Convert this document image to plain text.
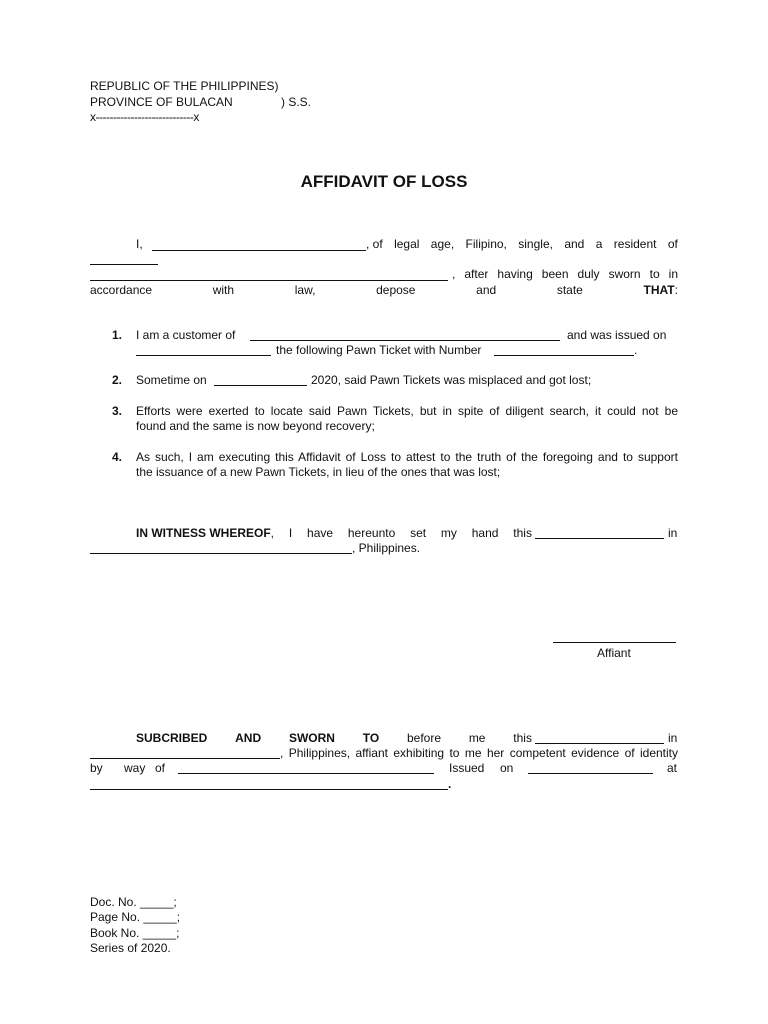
REPUBLIC OF THE PHILIPPINES)
PROVINCE OF BULACAN	) S.S.
x----------------------------x
AFFIDAVIT OF LOSS
I,	, of legal age, Filipino, single, and a resident of
, after having been duly sworn to in
accordance	with	law,	depose	and	state	THAT:
1. I am a customer of	and was issued on
the following Pawn Ticket with Number	.
2. Sometime on	2020, said Pawn Tickets was misplaced and got lost;
3. Efforts were exerted to locate said Pawn Tickets, but in spite of diligent search, it could not be
found and the same is now beyond recovery;
4. As such, I am executing this Affidavit of Loss to attest to the truth of the foregoing and to support
the issuance of a new Pawn Tickets, in lieu of the ones that was lost;
IN WITNESS WHEREOF, I have hereunto set my hand this	in
, Philippines.
Affiant
SUBCRIBED AND SWORN TO before me this	in
, Philippines, affiant exhibiting to me her competent evidence of identity
by way of	Issued on	at
.
Doc. No. _____;
Page No. _____;
Book No. _____;
Series of 2020.
